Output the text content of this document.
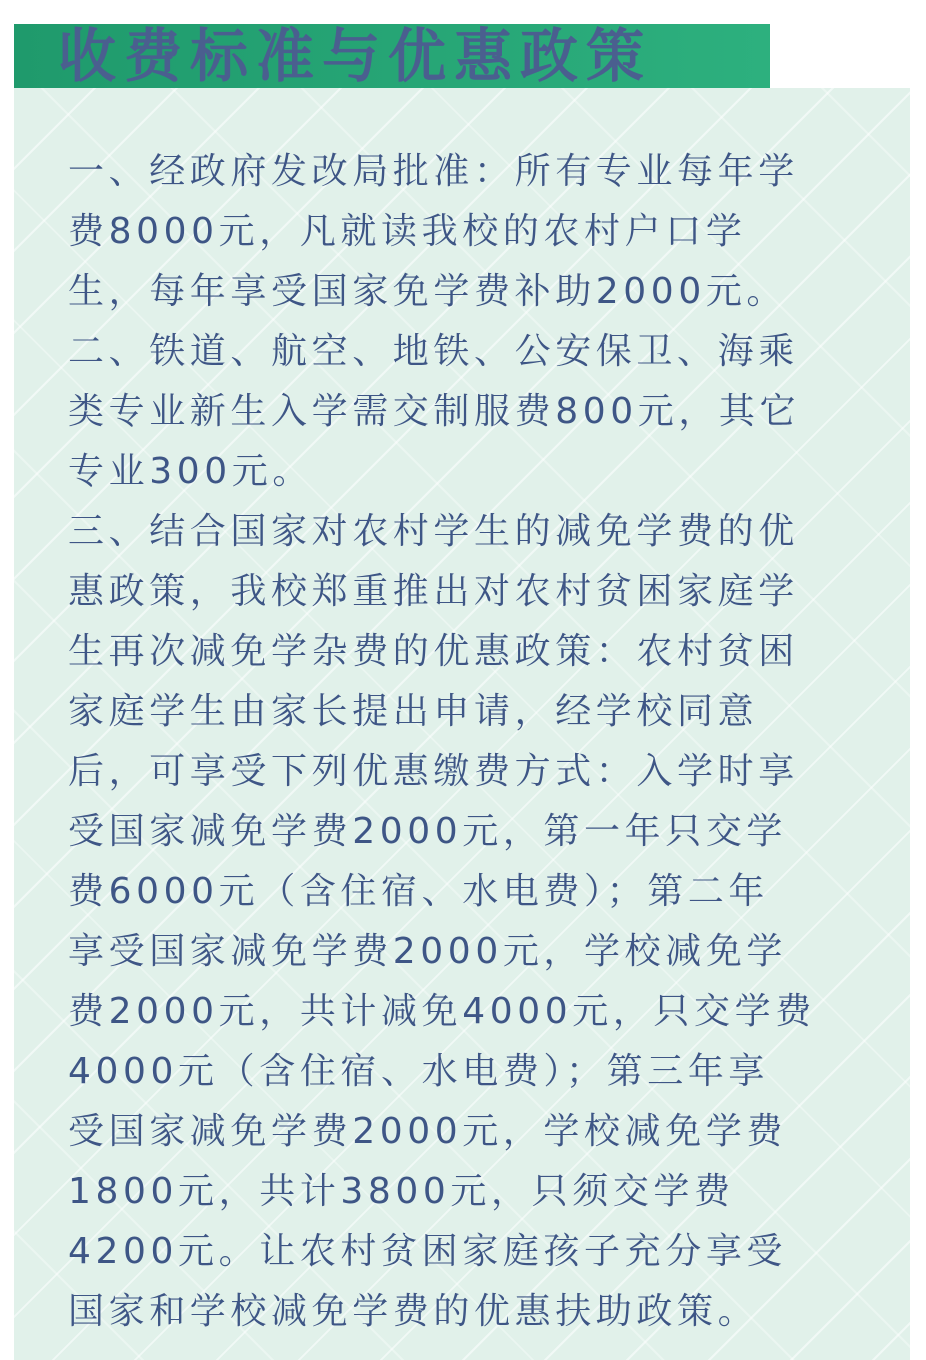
收费标准与优惠政策
一、经政府发改局批准：所有专业每年学
费8000元，凡就读我校的农村户口学
生，每年享受国家免学费补助2000元。
二、铁道、航空、地铁、公安保卫、海乘
类专业新生入学需交制服费800元，其它
专业300元。
三、结合国家对农村学生的减免学费的优
惠政策，我校郑重推出对农村贫困家庭学
生再次减免学杂费的优惠政策：农村贫困
家庭学生由家长提出申请，经学校同意
后，可享受下列优惠缴费方式：入学时享
受国家减免学费2000元，第一年只交学
费6000元（含住宿、水电费）；第二年
享受国家减免学费2000元，学校减免学
费2000元，共计减免4000元，只交学费
4000元（含住宿、水电费）；第三年享
受国家减免学费2000元，学校减免学费
1800元，共计3800元，只须交学费
4200元。让农村贫困家庭孩子充分享受
国家和学校减免学费的优惠扶助政策。
